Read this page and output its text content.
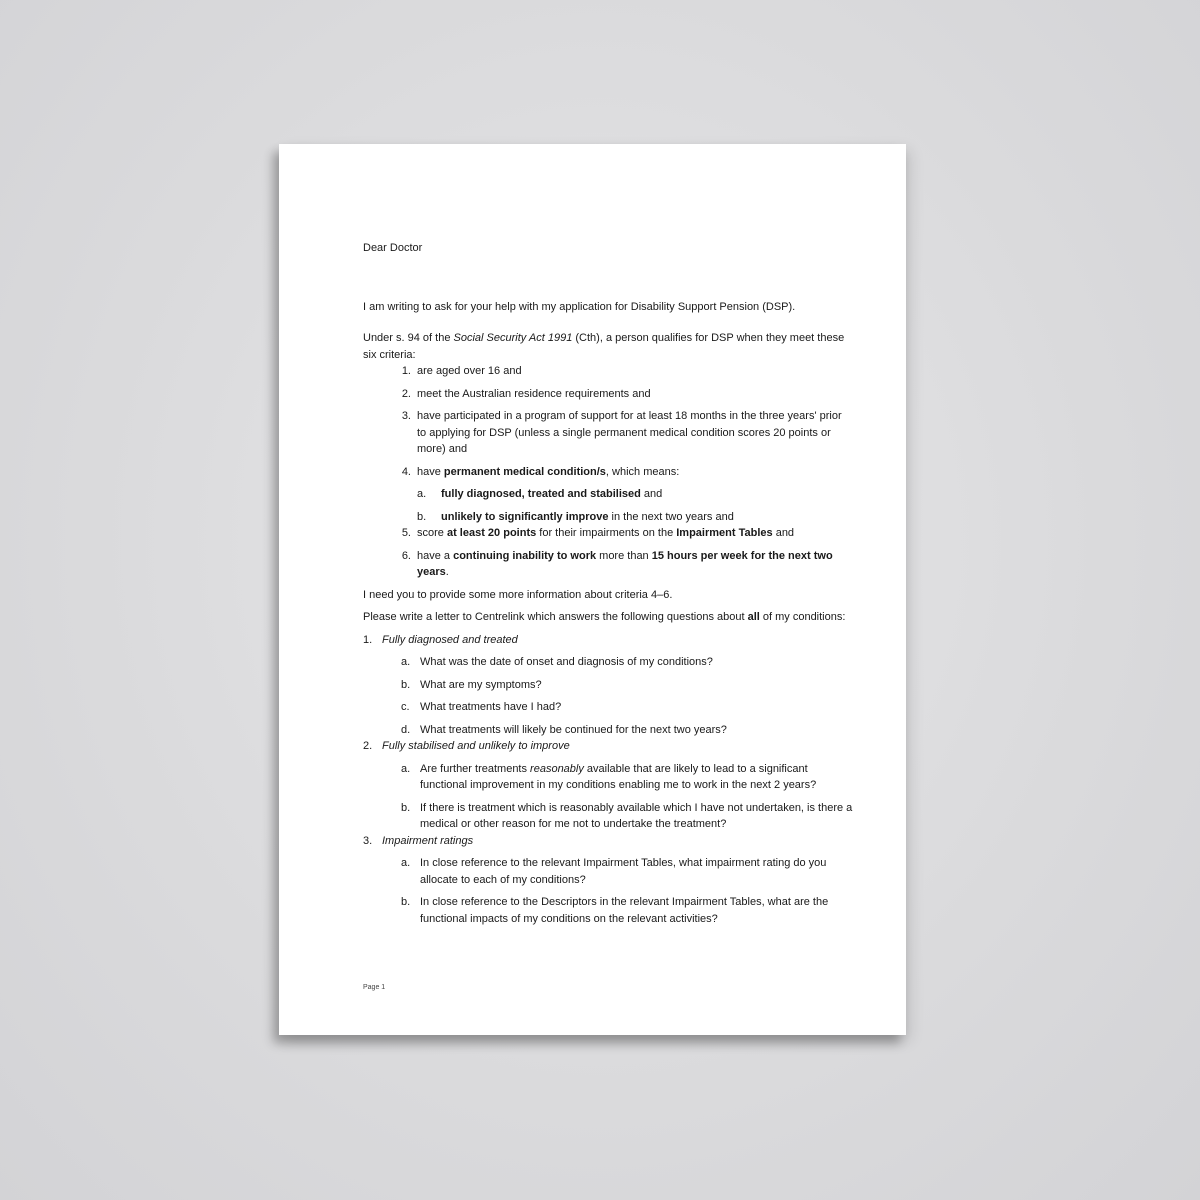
Dear Doctor

I am writing to ask for your help with my application for Disability Support Pension (DSP).

Under s. 94 of the Social Security Act 1991 (Cth), a person qualifies for DSP when they meet these six criteria:

1. are aged over 16 and
2. meet the Australian residence requirements and
3. have participated in a program of support for at least 18 months in the three years' prior to applying for DSP (unless a single permanent medical condition scores 20 points or more) and
4. have permanent medical condition/s, which means:
a. fully diagnosed, treated and stabilised and
b. unlikely to significantly improve in the next two years and
5. score at least 20 points for their impairments on the Impairment Tables and
6. have a continuing inability to work more than 15 hours per week for the next two years.

I need you to provide some more information about criteria 4–6.

Please write a letter to Centrelink which answers the following questions about all of my conditions:

1. Fully diagnosed and treated
a. What was the date of onset and diagnosis of my conditions?
b. What are my symptoms?
c. What treatments have I had?
d. What treatments will likely be continued for the next two years?
2. Fully stabilised and unlikely to improve
a. Are further treatments reasonably available that are likely to lead to a significant functional improvement in my conditions enabling me to work in the next 2 years?
b. If there is treatment which is reasonably available which I have not undertaken, is there a medical or other reason for me not to undertake the treatment?
3. Impairment ratings
a. In close reference to the relevant Impairment Tables, what impairment rating do you allocate to each of my conditions?
b. In close reference to the Descriptors in the relevant Impairment Tables, what are the functional impacts of my conditions on the relevant activities?
Page 1
